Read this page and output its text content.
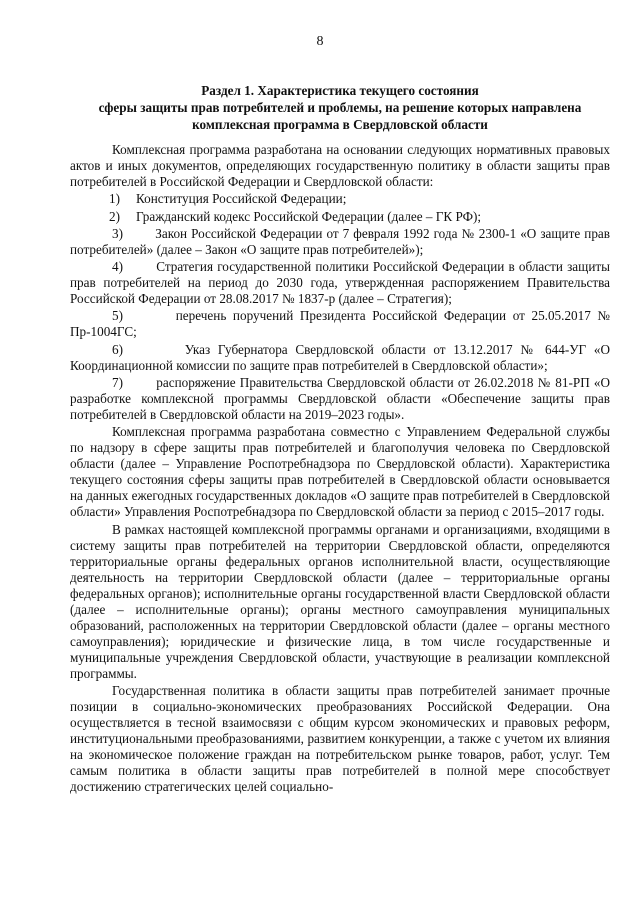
8
Раздел 1. Характеристика текущего состояния
сферы защиты прав потребителей и проблемы, на решение которых направлена
комплексная программа в Свердловской области

Комплексная программа разработана на основании следующих нормативных правовых актов и иных документов, определяющих государственную политику в области защиты прав потребителей в Российской Федерации и Свердловской области:

1)	Конституция Российской Федерации;
2)	Гражданский кодекс Российской Федерации (далее – ГК РФ);
3) Закон Российской Федерации от 7 февраля 1992 года № 2300-1 «О защите прав потребителей» (далее – Закон «О защите прав потребителей»);
4)	Стратегия государственной политики Российской Федерации в области защиты прав потребителей на период до 2030 года, утвержденная распоряжением Правительства Российской Федерации от 28.08.2017 № 1837-р (далее – Стратегия);
5)	перечень поручений Президента Российской Федерации от 25.05.2017 № Пр-1004ГС;
6)	Указ Губернатора Свердловской области от 13.12.2017 № 644-УГ «О Координационной комиссии по защите прав потребителей в Свердловской области»;
7)	распоряжение Правительства Свердловской области от 26.02.2018 № 81-РП «О разработке комплексной программы Свердловской области «Обеспечение защиты прав потребителей в Свердловской области на 2019–2023 годы».

Комплексная программа разработана совместно с Управлением Федеральной службы по надзору в сфере защиты прав потребителей и благополучия человека по Свердловской области (далее – Управление Роспотребнадзора по Свердловской области). Характеристика текущего состояния сферы защиты прав потребителей в Свердловской области основывается на данных ежегодных государственных докладов «О защите прав потребителей в Свердловской области» Управления Роспотребнадзора по Свердловской области за период с 2015–2017 годы.

В рамках настоящей комплексной программы органами и организациями, входящими в систему защиты прав потребителей на территории Свердловской области, определяются территориальные органы федеральных органов исполнительной власти, осуществляющие деятельность на территории Свердловской области (далее – территориальные органы федеральных органов); исполнительные органы государственной власти Свердловской области (далее – исполнительные органы); органы местного самоуправления муниципальных образований, расположенных на территории Свердловской области (далее – органы местного самоуправления); юридические и физические лица, в том числе государственные и муниципальные учреждения Свердловской области, участвующие в реализации комплексной программы.

Государственная политика в области защиты прав потребителей занимает прочные позиции в социально-экономических преобразованиях Российской Федерации. Она осуществляется в тесной взаимосвязи с общим курсом экономических и правовых реформ, институциональными преобразованиями, развитием конкуренции, а также с учетом их влияния на экономическое положение граждан на потребительском рынке товаров, работ, услуг. Тем самым политика в области защиты прав потребителей в полной мере способствует достижению стратегических целей социально-
